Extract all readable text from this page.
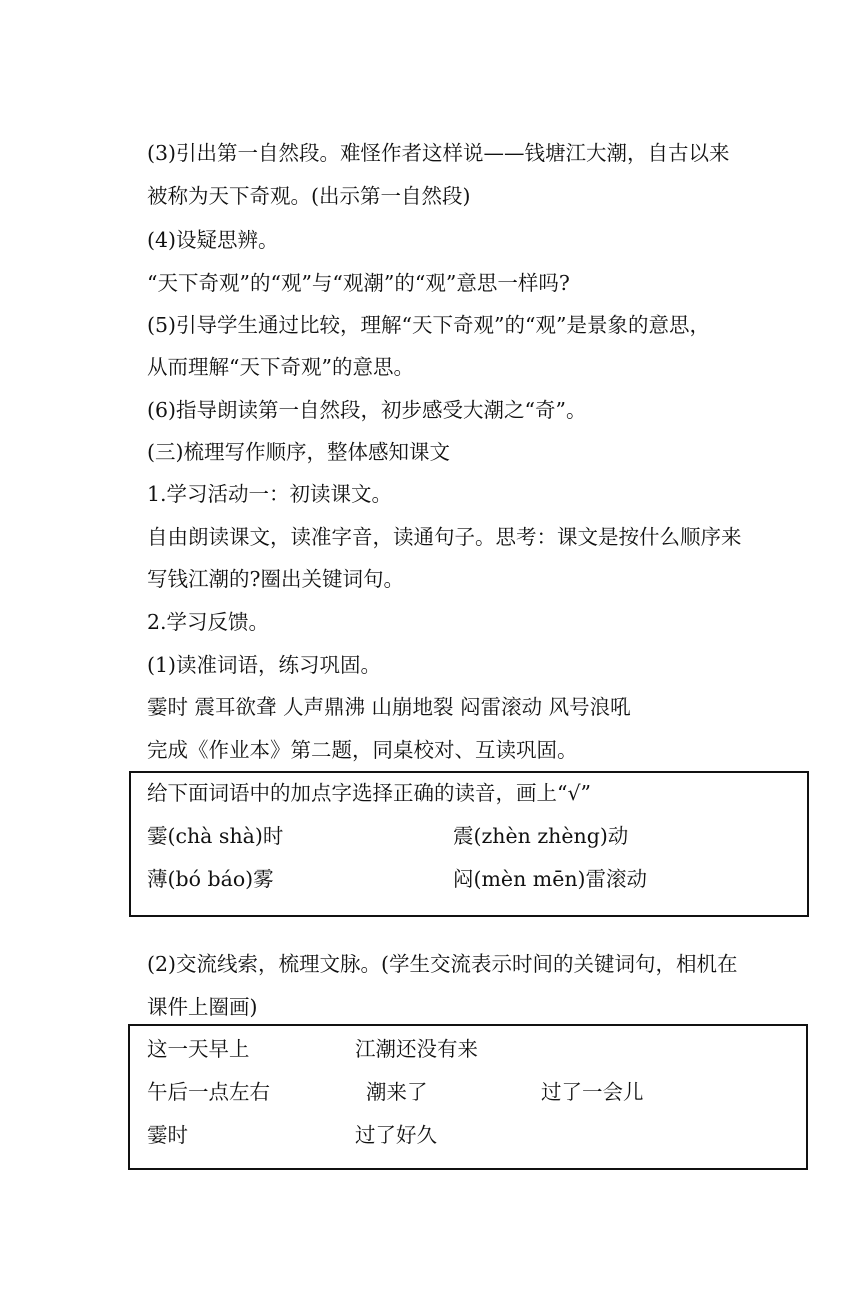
(3)引出第一自然段。难怪作者这样说——钱塘江大潮，自古以来
被称为天下奇观。(出示第一自然段)
(4)设疑思辨。
“天下奇观”的“观”与“观潮”的“观”意思一样吗?
(5)引导学生通过比较，理解“天下奇观”的“观”是景象的意思，
从而理解“天下奇观”的意思。
(6)指导朗读第一自然段，初步感受大潮之“奇”。
(三)梳理写作顺序，整体感知课文
1.学习活动一：初读课文。
自由朗读课文，读准字音，读通句子。思考：课文是按什么顺序来
写钱江潮的?圈出关键词句。
2.学习反馈。
(1)读准词语，练习巩固。
霎时 震耳欲聋 人声鼎沸 山崩地裂 闷雷滚动 风号浪吼
完成《作业本》第二题，同桌校对、互读巩固。
给下面词语中的加点字选择正确的读音，画上“√”
霎(chà shà)时	震(zhèn zhèng)动
薄(bó báo)雾	闷(mèn mēn)雷滚动
(2)交流线索，梳理文脉。(学生交流表示时间的关键词句，相机在
课件上圈画)
这一天早上	江潮还没有来
午后一点左右	潮来了	过了一会儿
霎时	过了好久
